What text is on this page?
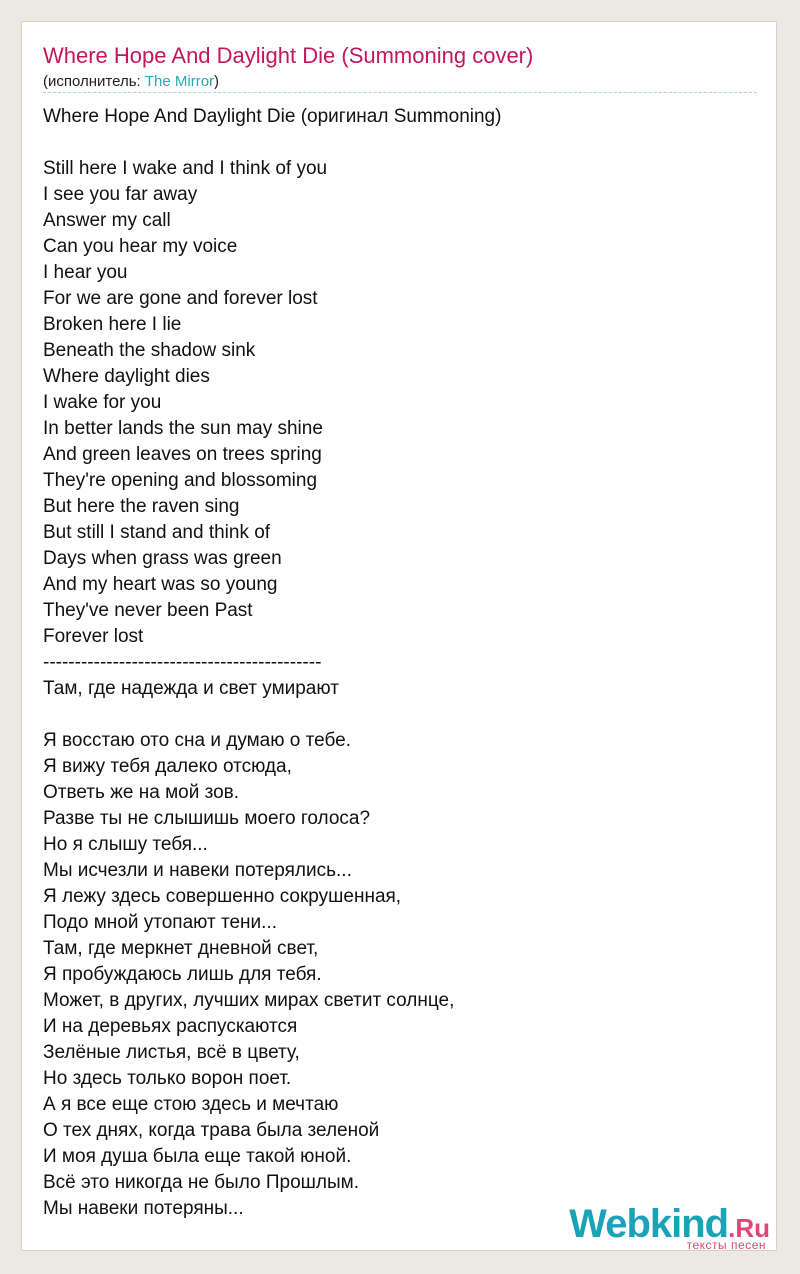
Where Hope And Daylight Die (Summoning cover)
(исполнитель: The Mirror)
Where Hope And Daylight Die (оригинал Summoning)
Still here I wake and I think of you
I see you far away
Answer my call
Can you hear my voice
I hear you
For we are gone and forever lost
Broken here I lie
Beneath the shadow sink
Where daylight dies
I wake for you
In better lands the sun may shine
And green leaves on trees spring
They're opening and blossoming
But here the raven sing
But still I stand and think of
Days when grass was green
And my heart was so young
They've never been Past
Forever lost
--------------------------------------------
Там, где надежда и свет умирают
Я восстаю ото сна и думаю о тебе.
Я вижу тебя далеко отсюда,
Ответь же на мой зов.
Разве ты не слышишь моего голоса?
Но я слышу тебя...
Мы исчезли и навеки потерялись...
Я лежу здесь совершенно сокрушенная,
Подо мной утопают тени...
Там, где меркнет дневной свет,
Я пробуждаюсь лишь для тебя.
Может, в других, лучших мирах светит солнце,
И на деревьях распускаются
Зелёные листья, всё в цвету,
Но здесь только ворон поет.
А я все еще стою здесь и мечтаю
О тех днях, когда трава была зеленой
И моя душа была еще такой юной.
Всё это никогда не было Прошлым.
Мы навеки потеряны...	Webkind.Ru
тексты песен
